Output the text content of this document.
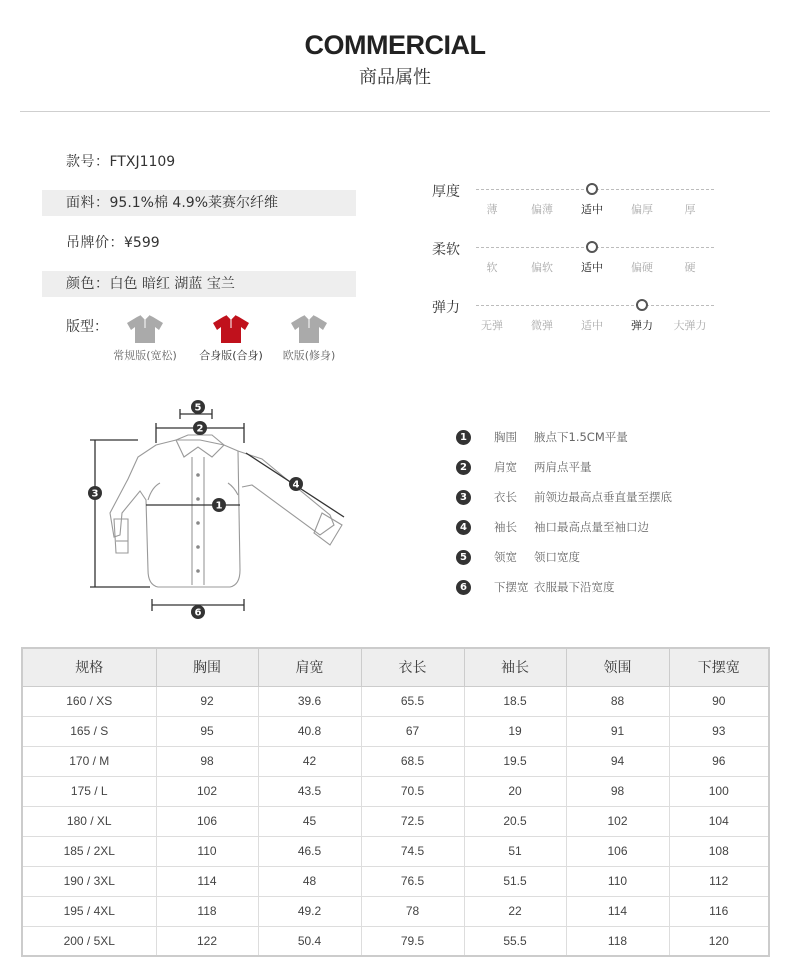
COMMERCIAL
商品属性
款号：FTXJ1109
面料：95.1%棉 4.9%莱赛尔纤维
吊牌价：¥599
颜色：白色 暗红 湖蓝 宝兰
版型：
常规版(宽松)	合身版(合身)	欧版(修身)
厚度
薄	偏薄	适中	偏厚	厚
柔软
软	偏软	适中	偏硬	硬
弹力
无弹	微弹	适中	弹力 大弹力
5
2
3
1
4
6
1	胸围	腋点下1.5CM平量
2	肩宽	两肩点平量
3	衣长	前领边最高点垂直量至摆底
4	袖长	袖口最高点量至袖口边
5	领宽	领口宽度
6	下摆宽 衣服最下沿宽度
规格	胸围	肩宽	衣长	袖长	领围	下摆宽
160 / XS	92	39.6	65.5	18.5	88	90
165 / S	95	40.8	67	19	91	93
170 / M	98	42	68.5	19.5	94	96
175 / L	102	43.5	70.5	20	98	100
180 / XL	106	45	72.5	20.5	102	104
185 / 2XL	110	46.5	74.5	51	106	108
190 / 3XL	114	48	76.5	51.5	110	112
195 / 4XL	118	49.2	78	22	114	116
200 / 5XL	122	50.4	79.5	55.5	118	120
